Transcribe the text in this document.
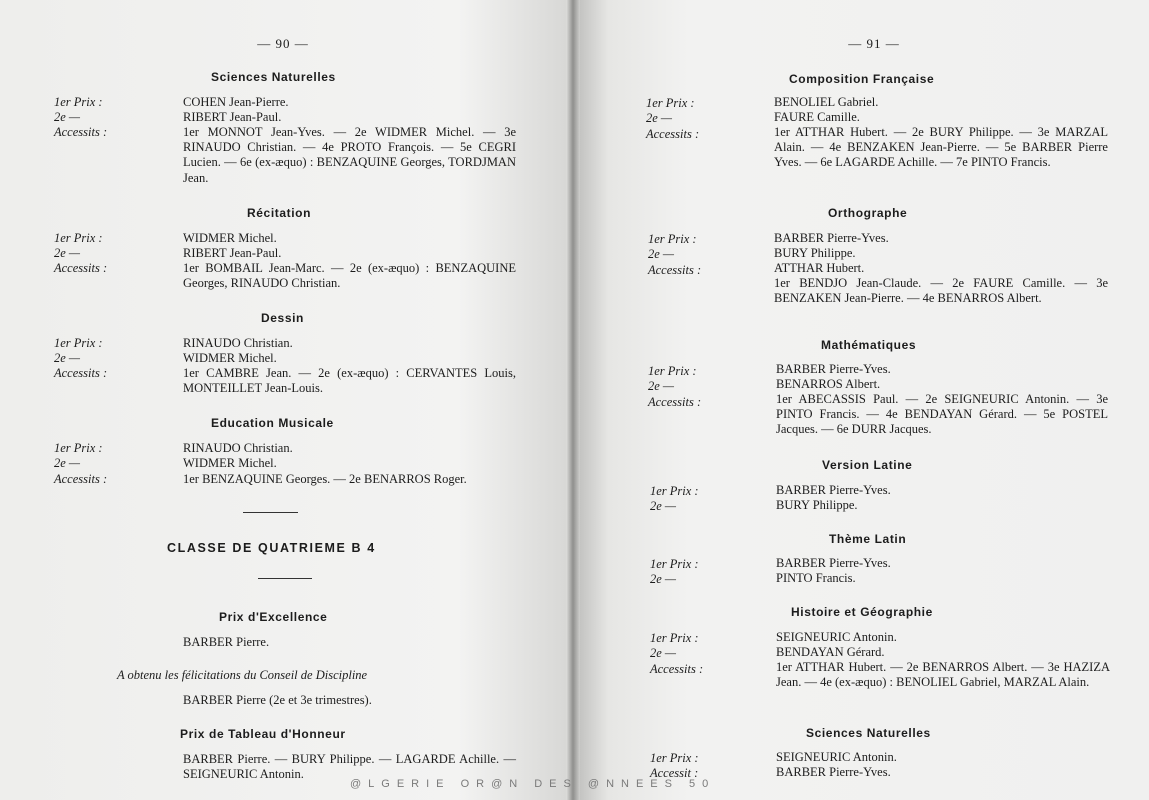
— 90 —
Sciences Naturelles
1er Prix :	COHEN Jean-Pierre.
2e —	RIBERT Jean-Paul.
Accessits :	1er MONNOT Jean-Yves. — 2e WIDMER Michel. — 3e RINAUDO Christian. — 4e PROTO François. — 5e CEGRI Lucien. — 6e (ex-æquo) : BENZAQUINE Georges, TORDJMAN Jean.
Récitation
1er Prix :	WIDMER Michel.
2e —	RIBERT Jean-Paul.
Accessits :	1er BOMBAIL Jean-Marc. — 2e (ex-æquo) : BENZAQUINE Georges, RINAUDO Christian.
Dessin
1er Prix :	RINAUDO Christian.
2e —	WIDMER Michel.
Accessits :	1er CAMBRE Jean. — 2e (ex-æquo) : CERVANTES Louis, MONTEILLET Jean-Louis.
Education Musicale
1er Prix :	RINAUDO Christian.
2e —	WIDMER Michel.
Accessits :	1er BENZAQUINE Georges. — 2e BENARROS Roger.
CLASSE DE QUATRIEME B 4
Prix d'Excellence
BARBER Pierre.
A obtenu les félicitations du Conseil de Discipline
BARBER Pierre (2e et 3e trimestres).
Prix de Tableau d'Honneur
BARBER Pierre. — BURY Philippe. — LAGARDE Achille. — SEIGNEURIC Antonin.
— 91 —
Composition Française
1er Prix :	BENOLIEL Gabriel.
2e —	FAURE Camille.
Accessits :	1er ATTHAR Hubert. — 2e BURY Philippe. — 3e MARZAL Alain. — 4e BENZAKEN Jean-Pierre. — 5e BARBER Pierre Yves. — 6e LAGARDE Achille. — 7e PINTO Francis.
Orthographe
1er Prix :	BARBER Pierre-Yves.
2e —	BURY Philippe.
Accessits :	ATTHAR Hubert.
1er BENDJO Jean-Claude. — 2e FAURE Camille. — 3e BENZAKEN Jean-Pierre. — 4e BENARROS Albert.
Mathématiques
1er Prix :	BARBER Pierre-Yves.
2e —	BENARROS Albert.
Accessits :	1er ABECASSIS Paul. — 2e SEIGNEURIC Antonin. — 3e PINTO Francis. — 4e BENDAYAN Gérard. — 5e POSTEL Jacques. — 6e DURR Jacques.
Version Latine
1er Prix :	BARBER Pierre-Yves.
2e —	BURY Philippe.
Thème Latin
1er Prix :	BARBER Pierre-Yves.
2e —	PINTO Francis.
Histoire et Géographie
1er Prix :	SEIGNEURIC Antonin.
2e —	BENDAYAN Gérard.
Accessits :	1er ATTHAR Hubert. — 2e BENARROS Albert. — 3e HAZIZA Jean. — 4e (ex-æquo) : BENOLIEL Gabriel, MARZAL Alain.
Sciences Naturelles
1er Prix :	SEIGNEURIC Antonin.
Accessit :	BARBER Pierre-Yves.
@LGERIE OR@N DES @NNEES 50
